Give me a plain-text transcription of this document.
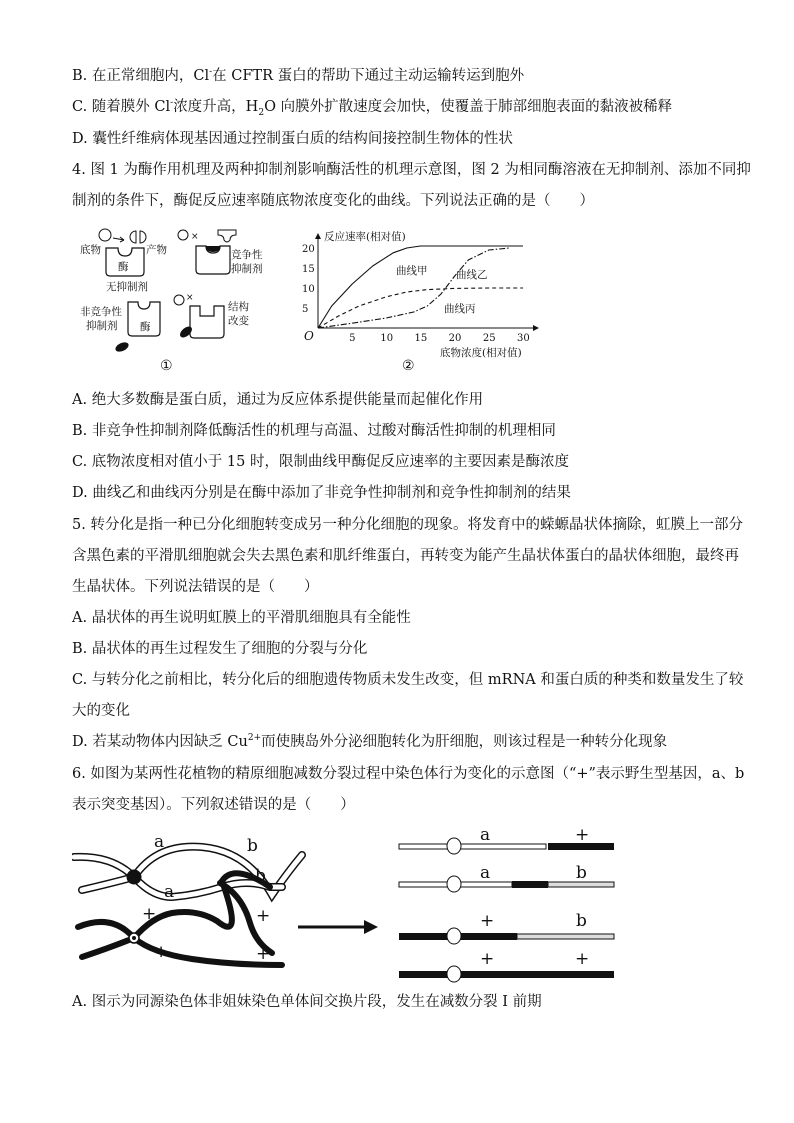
B. 在正常细胞内，Cl-在 CFTR 蛋白的帮助下通过主动运输转运到胞外
C. 随着膜外 Cl-浓度升高，$H_2O$ 向膜外扩散速度会加快，使覆盖于肺部细胞表面的黏液被稀释
D. 囊性纤维病体现基因通过控制蛋白质的结构间接控制生物体的性状
4. 图 1 为酶作用机理及两种抑制剂影响酶活性的机理示意图，图 2 为相同酶溶液在无抑制剂、添加不同抑
制剂的条件下，酶促反应速率随底物浓度变化的曲线。下列说法正确的是（　　）
底物	产物
酶
无抑制剂
×
竞争性
抑制剂
非竞争性
抑制剂 酶
×
结构
改变
①
反应速率(相对值)
O
底物浓度(相对值)
②
5 10 15 20 25 30
5
10
15
20
曲线甲	曲线乙
曲线丙
A. 绝大多数酶是蛋白质，通过为反应体系提供能量而起催化作用
B. 非竞争性抑制剂降低酶活性的机理与高温、过酸对酶活性抑制的机理相同
C. 底物浓度相对值小于 15 时，限制曲线甲酶促反应速率的主要因素是酶浓度
D. 曲线乙和曲线丙分别是在酶中添加了非竞争性抑制剂和竞争性抑制剂的结果
5. 转分化是指一种已分化细胞转变成另一种分化细胞的现象。将发育中的蝾螈晶状体摘除，虹膜上一部分
含黑色素的平滑肌细胞就会失去黑色素和肌纤维蛋白，再转变为能产生晶状体蛋白的晶状体细胞，最终再
生晶状体。下列说法错误的是（　　）
A. 晶状体的再生说明虹膜上的平滑肌细胞具有全能性
B. 晶状体的再生过程发生了细胞的分裂与分化
C. 与转分化之前相比，转分化后的细胞遗传物质未发生改变，但 mRNA 和蛋白质的种类和数量发生了较
大的变化
D. 若某动物体内因缺乏 $Cu^{2+}$而使胰岛外分泌细胞转化为肝细胞，则该过程是一种转分化现象
6. 如图为某两性花植物的精原细胞减数分裂过程中染色体行为变化的示意图（“+”表示野生型基因，a、b
表示突变基因）。下列叙述错误的是（　　）
a	b
a
b
+	+
+	+
a	+
a	b
+	b
+	+
A. 图示为同源染色体非姐妹染色单体间交换片段，发生在减数分裂 I 前期
